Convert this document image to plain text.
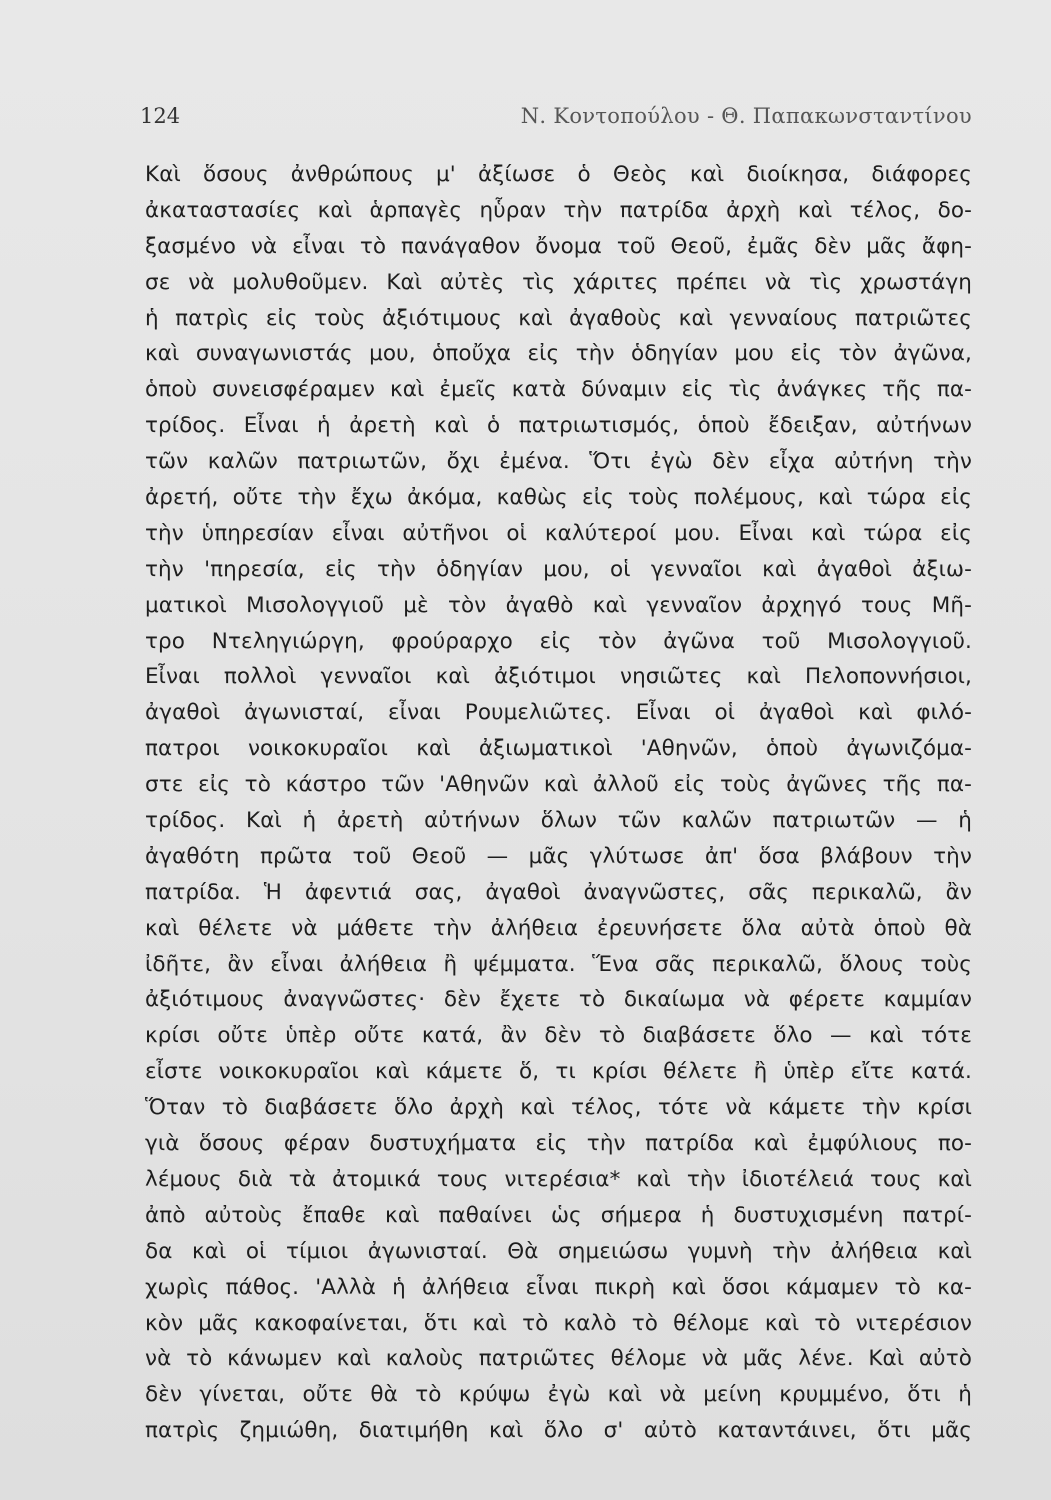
124	Ν. Κοντοπούλου - Θ. Παπακωνσταντίνου
Καὶ ὅσους ἀνθρώπους μ' ἀξίωσε ὁ Θεὸς καὶ διοίκησα, διάφορες
ἀκαταστασίες καὶ ἁρπαγὲς ηὗραν τὴν πατρίδα ἀρχὴ καὶ τέλος, δο-
ξασμένο νὰ εἶναι τὸ πανάγαθον ὄνομα τοῦ Θεοῦ, ἐμᾶς δὲν μᾶς ἄφη-
σε νὰ μολυθοῦμεν. Καὶ αὐτὲς τὶς χάριτες πρέπει νὰ τὶς χρωστάγη
ἡ πατρὶς εἰς τοὺς ἀξιότιμους καὶ ἀγαθοὺς καὶ γενναίους πατριῶτες
καὶ συναγωνιστάς μου, ὁποὔχα εἰς τὴν ὁδηγίαν μου εἰς τὸν ἀγῶνα,
ὁποὺ συνεισφέραμεν καὶ ἐμεῖς κατὰ δύναμιν εἰς τὶς ἀνάγκες τῆς πα-
τρίδος. Εἶναι ἡ ἀρετὴ καὶ ὁ πατριωτισμός, ὁποὺ ἔδειξαν, αὐτήνων
τῶν καλῶν πατριωτῶν, ὄχι ἐμένα. Ὅτι ἐγὼ δὲν εἶχα αὐτήνη τὴν
ἀρετή, οὔτε τὴν ἔχω ἀκόμα, καθὼς εἰς τοὺς πολέμους, καὶ τώρα εἰς
τὴν ὑπηρεσίαν εἶναι αὐτῆνοι οἱ καλύτεροί μου. Εἶναι καὶ τώρα εἰς
τὴν 'πηρεσία, εἰς τὴν ὁδηγίαν μου, οἱ γενναῖοι καὶ ἀγαθοὶ ἀξιω-
ματικοὶ Μισολογγιοῦ μὲ τὸν ἀγαθὸ καὶ γενναῖον ἀρχηγό τους Μῆ-
τρο Ντεληγιώργη, φρούραρχο εἰς τὸν ἀγῶνα τοῦ Μισολογγιοῦ.
Εἶναι πολλοὶ γενναῖοι καὶ ἀξιότιμοι νησιῶτες καὶ Πελοποννήσιοι,
ἀγαθοὶ ἀγωνισταί, εἶναι Ρουμελιῶτες. Εἶναι οἱ ἀγαθοὶ καὶ φιλό-
πατροι νοικοκυραῖοι καὶ ἀξιωματικοὶ 'Αθηνῶν, ὁποὺ ἀγωνιζόμα-
στε εἰς τὸ κάστρο τῶν 'Αθηνῶν καὶ ἀλλοῦ εἰς τοὺς ἀγῶνες τῆς πα-
τρίδος. Καὶ ἡ ἀρετὴ αὐτήνων ὅλων τῶν καλῶν πατριωτῶν — ἡ
ἀγαθότη πρῶτα τοῦ Θεοῦ — μᾶς γλύτωσε ἀπ' ὅσα βλάβουν τὴν
πατρίδα. Ἡ ἀφεντιά σας, ἀγαθοὶ ἀναγνῶστες, σᾶς περικαλῶ, ἂν
καὶ θέλετε νὰ μάθετε τὴν ἀλήθεια ἐρευνήσετε ὅλα αὐτὰ ὁποὺ θὰ
ἰδῆτε, ἂν εἶναι ἀλήθεια ἢ ψέμματα. Ἕνα σᾶς περικαλῶ, ὅλους τοὺς
ἀξιότιμους ἀναγνῶστες· δὲν ἔχετε τὸ δικαίωμα νὰ φέρετε καμμίαν
κρίσι οὔτε ὑπὲρ οὔτε κατά, ἂν δὲν τὸ διαβάσετε ὅλο — καὶ τότε
εἶστε νοικοκυραῖοι καὶ κάμετε ὅ, τι κρίσι θέλετε ἢ ὑπὲρ εἴτε κατά.
Ὅταν τὸ διαβάσετε ὅλο ἀρχὴ καὶ τέλος, τότε νὰ κάμετε τὴν κρίσι
γιὰ ὅσους φέραν δυστυχήματα εἰς τὴν πατρίδα καὶ ἐμφύλιους πο-
λέμους διὰ τὰ ἀτομικά τους νιτερέσια* καὶ τὴν ἰδιοτέλειά τους καὶ
ἀπὸ αὐτοὺς ἔπαθε καὶ παθαίνει ὡς σήμερα ἡ δυστυχισμένη πατρί-
δα καὶ οἱ τίμιοι ἀγωνισταί. Θὰ σημειώσω γυμνὴ τὴν ἀλήθεια καὶ
χωρὶς πάθος. 'Αλλὰ ἡ ἀλήθεια εἶναι πικρὴ καὶ ὅσοι κάμαμεν τὸ κα-
κὸν μᾶς κακοφαίνεται, ὅτι καὶ τὸ καλὸ τὸ θέλομε καὶ τὸ νιτερέσιον
νὰ τὸ κάνωμεν καὶ καλοὺς πατριῶτες θέλομε νὰ μᾶς λένε. Καὶ αὐτὸ
δὲν γίνεται, οὔτε θὰ τὸ κρύψω ἐγὼ καὶ νὰ μείνη κρυμμένο, ὅτι ἡ
πατρὶς ζημιώθη, διατιμήθη καὶ ὅλο σ' αὐτὸ καταντάινει, ὅτι μᾶς
